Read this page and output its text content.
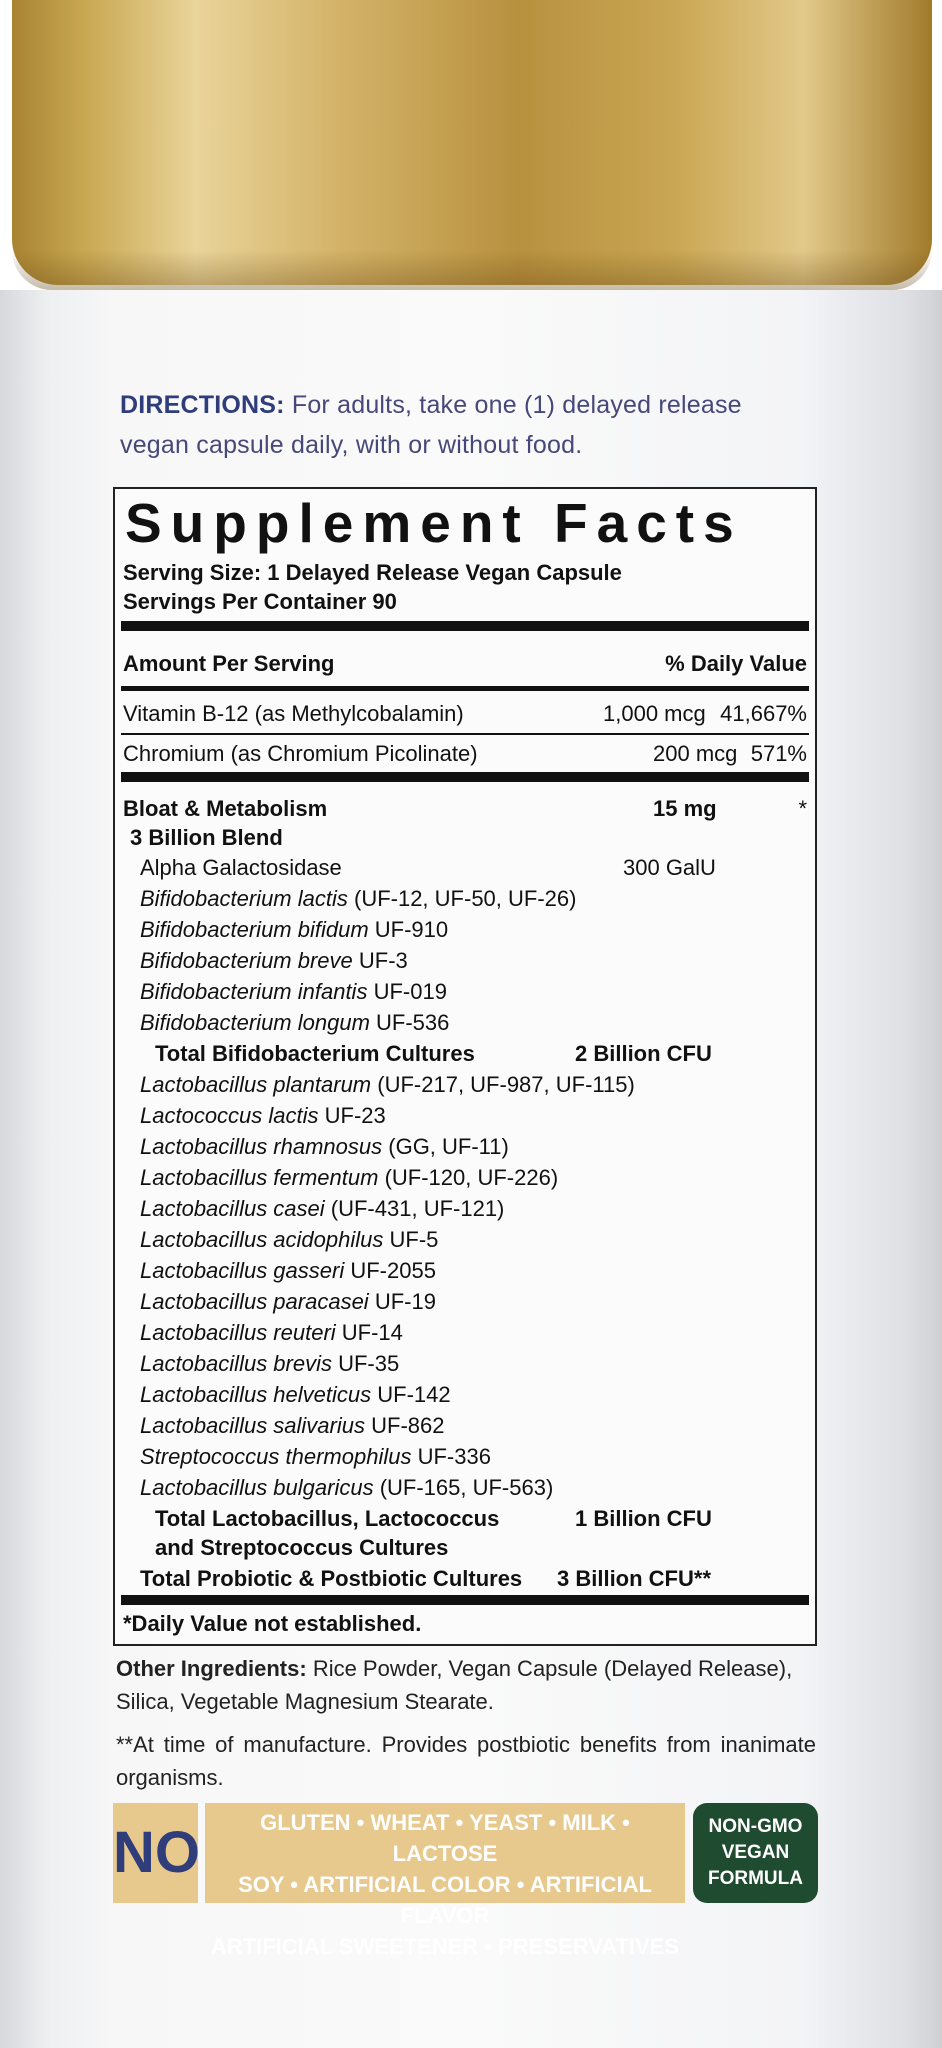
DIRECTIONS: For adults, take one (1) delayed release vegan capsule daily, with or without food.
Supplement Facts
Serving Size: 1 Delayed Release Vegan Capsule
Servings Per Container 90
Amount Per Serving	% Daily Value
Vitamin B-12 (as Methylcobalamin)	1,000 mcg 41,667%
Chromium (as Chromium Picolinate)	200 mcg 571%
Bloat & Metabolism	15 mg	*
3 Billion Blend
Alpha Galactosidase	300 GalU
Bifidobacterium lactis (UF-12, UF-50, UF-26)
Bifidobacterium bifidum UF-910
Bifidobacterium breve UF-3
Bifidobacterium infantis UF-019
Bifidobacterium longum UF-536
Total Bifidobacterium Cultures	2 Billion CFU
Lactobacillus plantarum (UF-217, UF-987, UF-115)
Lactococcus lactis UF-23
Lactobacillus rhamnosus (GG, UF-11)
Lactobacillus fermentum (UF-120, UF-226)
Lactobacillus casei (UF-431, UF-121)
Lactobacillus acidophilus UF-5
Lactobacillus gasseri UF-2055
Lactobacillus paracasei UF-19
Lactobacillus reuteri UF-14
Lactobacillus brevis UF-35
Lactobacillus helveticus UF-142
Lactobacillus salivarius UF-862
Streptococcus thermophilus UF-336
Lactobacillus bulgaricus (UF-165, UF-563)
Total Lactobacillus, Lactococcus	1 Billion CFU
and Streptococcus Cultures
Total Probiotic & Postbiotic Cultures 3 Billion CFU**
*Daily Value not established.
Other Ingredients: Rice Powder, Vegan Capsule (Delayed Release), Silica, Vegetable Magnesium Stearate.
**At time of manufacture. Provides postbiotic benefits from inanimate organisms.
NO	GLUTEN • WHEAT • YEAST • MILK • LACTOSE
SOY • ARTIFICIAL COLOR • ARTIFICIAL FLAVOR
ARTIFICIAL SWEETENER • PRESERVATIVES
NON-GMO
VEGAN
FORMULA
